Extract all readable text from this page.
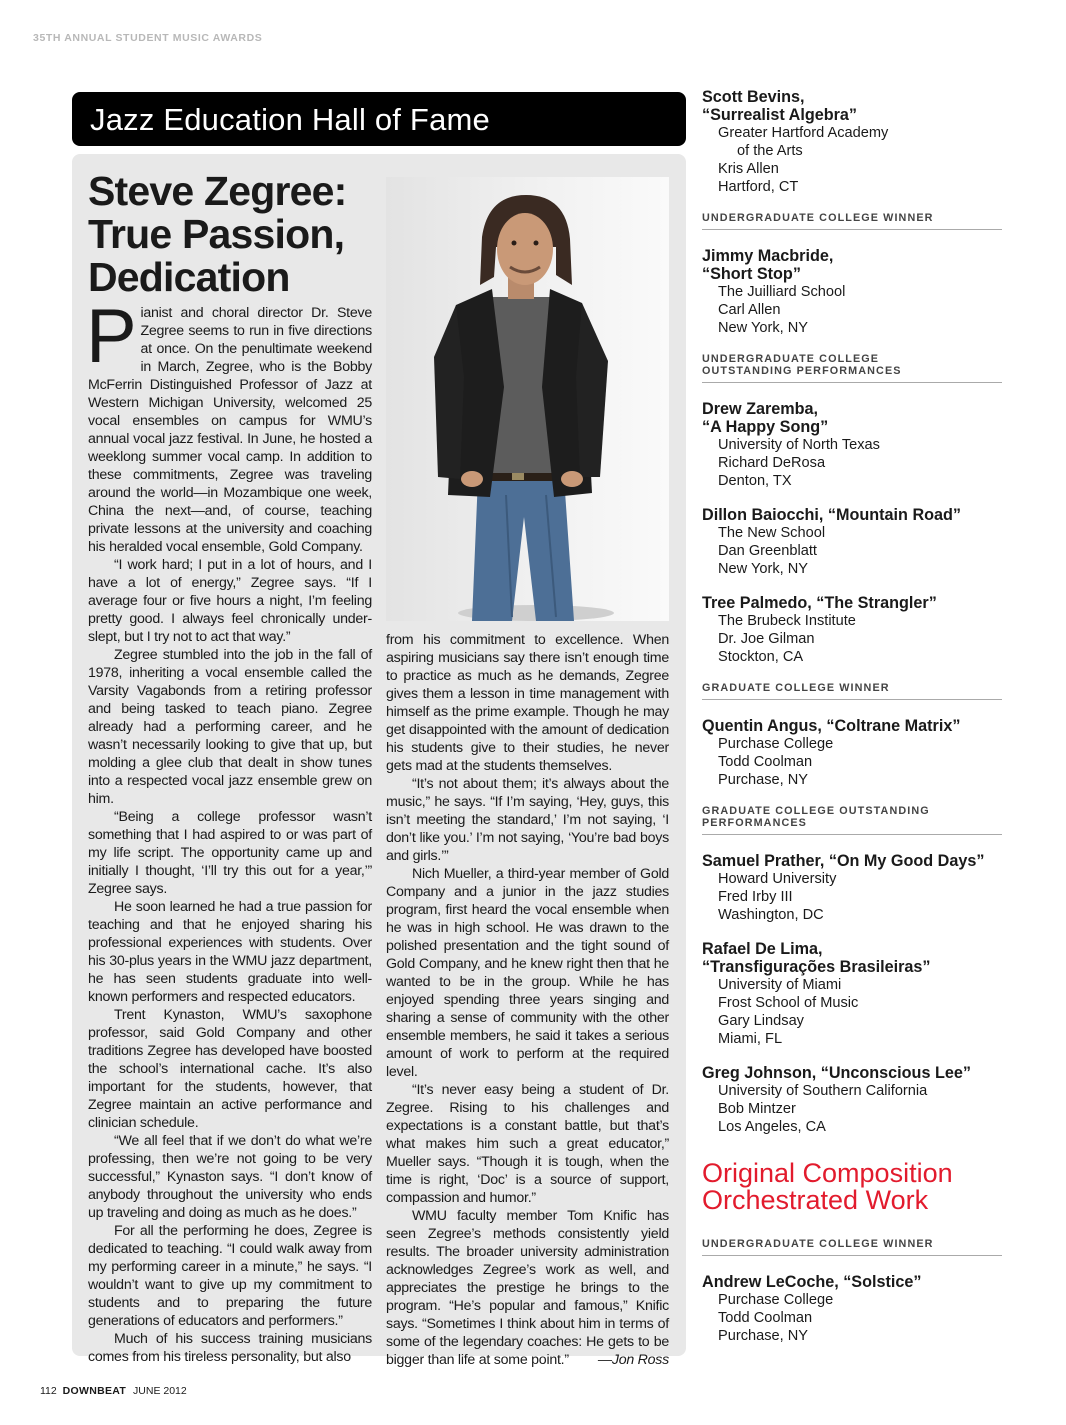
35TH ANNUAL STUDENT MUSIC AWARDS
Jazz Education Hall of Fame
Steve Zegree:
True Passion,
Dedication

Pianist and choral director Dr. Steve Zegree seems to run in five directions at once. On the penultimate weekend in March, Zegree, who is the Bobby McFerrin Distinguished Professor of Jazz at Western Michigan University, welcomed 25 vocal ensembles on campus for WMU’s annual vocal jazz festival. In June, he hosted a weeklong summer vocal camp. In addition to these commitments, Zegree was traveling around the world—in Mozambique one week, China the next—and, of course, teaching private lessons at the university and coaching his heralded vocal ensemble, Gold Company.

“I work hard; I put in a lot of hours, and I have a lot of energy,” Zegree says. “If I average four or five hours a night, I’m feeling pretty good. I always feel chronically under-slept, but I try not to act that way.”

Zegree stumbled into the job in the fall of 1978, inheriting a vocal ensemble called the Varsity Vagabonds from a retiring professor and being tasked to teach piano. Zegree already had a performing career, and he wasn’t necessarily looking to give that up, but molding a glee club that dealt in show tunes into a respected vocal jazz ensemble grew on him.

“Being a college professor wasn’t something that I had aspired to or was part of my life script. The opportunity came up and initially I thought, ‘I’ll try this out for a year,’” Zegree says.

He soon learned he had a true passion for teaching and that he enjoyed sharing his professional experiences with students. Over his 30-plus years in the WMU jazz department, he has seen students graduate into well-known performers and respected educators.

Trent Kynaston, WMU’s saxophone professor, said Gold Company and other traditions Zegree has developed have boosted the school’s international cache. It’s also important for the students, however, that Zegree maintain an active performance and clinician schedule.

“We all feel that if we don’t do what we’re professing, then we’re not going to be very successful,” Kynaston says. “I don’t know of anybody throughout the university who ends up traveling and doing as much as he does.”

For all the performing he does, Zegree is dedicated to teaching. “I could walk away from my performing career in a minute,” he says. “I wouldn’t want to give up my commitment to students and to preparing the future generations of educators and performers.”

Much of his success training musicians comes from his tireless personality, but also

from his commitment to excellence. When aspiring musicians say there isn’t enough time to practice as much as he demands, Zegree gives them a lesson in time management with himself as the prime example. Though he may get disappointed with the amount of dedication his students give to their studies, he never gets mad at the students themselves.

“It’s not about them; it’s always about the music,” he says. “If I’m saying, ‘Hey, guys, this isn’t meeting the standard,’ I’m not saying, ‘I don’t like you.’ I’m not saying, ‘You’re bad boys and girls.’”

Nich Mueller, a third-year member of Gold Company and a junior in the jazz studies program, first heard the vocal ensemble when he was in high school. He was drawn to the polished presentation and the tight sound of Gold Company, and he knew right then that he wanted to be in the group. While he has enjoyed spending three years singing and sharing a sense of community with the other ensemble members, he said it takes a serious amount of work to perform at the required level.

“It’s never easy being a student of Dr. Zegree. Rising to his challenges and expectations is a constant battle, but that’s what makes him such a great educator,” Mueller says. “Though it is tough, when the time is right, ‘Doc’ is a source of support, compassion and humor.”

WMU faculty member Tom Knific has seen Zegree’s methods consistently yield results. The broader university administration acknowledges Zegree’s work as well, and appreciates the prestige he brings to the program. “He’s popular and famous,” Knific says. “Sometimes I think about him in terms of some of the legendary coaches: He gets to be bigger than life at some point.”	—Jon Ross

Scott Bevins,
“Surrealist Algebra”
Greater Hartford Academy
of the Arts
Kris Allen
Hartford, CT
UNDERGRADUATE COLLEGE WINNER
Jimmy Macbride,
“Short Stop”
The Juilliard School
Carl Allen
New York, NY
UNDERGRADUATE COLLEGE
OUTSTANDING PERFORMANCES
Drew Zaremba,
“A Happy Song”
University of North Texas
Richard DeRosa
Denton, TX
Dillon Baiocchi, “Mountain Road”
The New School
Dan Greenblatt
New York, NY
Tree Palmedo, “The Strangler”
The Brubeck Institute
Dr. Joe Gilman
Stockton, CA
GRADUATE COLLEGE WINNER
Quentin Angus, “Coltrane Matrix”
Purchase College
Todd Coolman
Purchase, NY
GRADUATE COLLEGE OUTSTANDING
PERFORMANCES
Samuel Prather, “On My Good Days”
Howard University
Fred Irby III
Washington, DC
Rafael De Lima,
“Transfigurações Brasileiras”
University of Miami
Frost School of Music
Gary Lindsay
Miami, FL
Greg Johnson, “Unconscious Lee”
University of Southern California
Bob Mintzer
Los Angeles, CA
Original Composition
Orchestrated Work
UNDERGRADUATE COLLEGE WINNER
Andrew LeCoche, “Solstice”
Purchase College
Todd Coolman
Purchase, NY
112 DOWNBEAT JUNE 2012
